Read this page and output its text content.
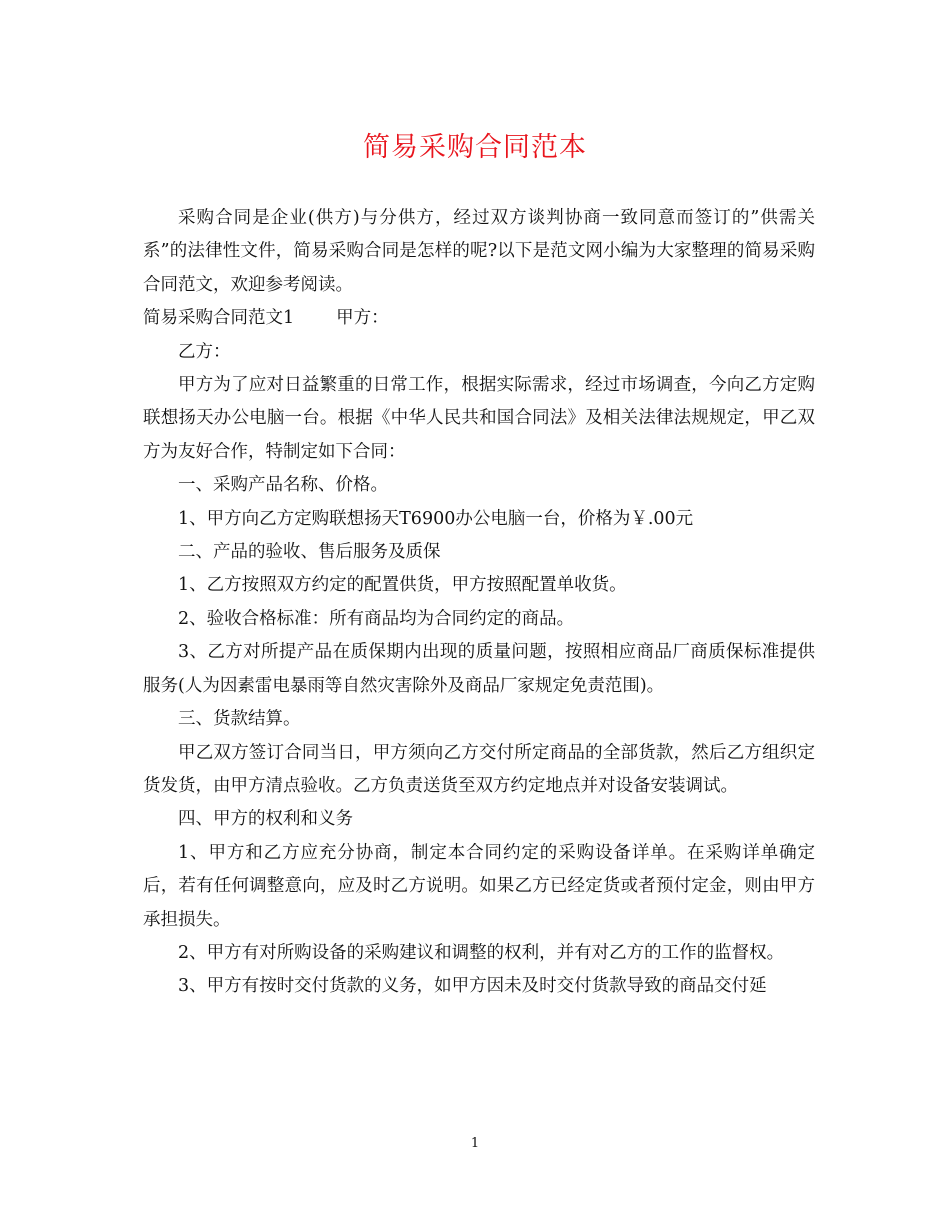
简易采购合同范本

采购合同是企业(供方)与分供方，经过双方谈判协商一致同意而签订的”供需关系”的法律性文件，简易采购合同是怎样的呢?以下是范文网小编为大家整理的简易采购合同范文，欢迎参考阅读。

简易采购合同范文1 甲方：

乙方：

甲方为了应对日益繁重的日常工作，根据实际需求，经过市场调查，今向乙方定购联想扬天办公电脑一台。根据《中华人民共和国合同法》及相关法律法规规定，甲乙双方为友好合作，特制定如下合同：

一、采购产品名称、价格。

1、甲方向乙方定购联想扬天T6900办公电脑一台，价格为￥.00元

二、产品的验收、售后服务及质保

1、乙方按照双方约定的配置供货，甲方按照配置单收货。

2、验收合格标准：所有商品均为合同约定的商品。

3、乙方对所提产品在质保期内出现的质量问题，按照相应商品厂商质保标准提供服务(人为因素雷电暴雨等自然灾害除外及商品厂家规定免责范围)。

三、货款结算。

甲乙双方签订合同当日，甲方须向乙方交付所定商品的全部货款，然后乙方组织定货发货，由甲方清点验收。乙方负责送货至双方约定地点并对设备安装调试。

四、甲方的权利和义务

1、甲方和乙方应充分协商，制定本合同约定的采购设备详单。在采购详单确定后，若有任何调整意向，应及时乙方说明。如果乙方已经定货或者预付定金，则由甲方承担损失。

2、甲方有对所购设备的采购建议和调整的权利，并有对乙方的工作的监督权。

3、甲方有按时交付货款的义务，如甲方因未及时交付货款导致的商品交付延

1
